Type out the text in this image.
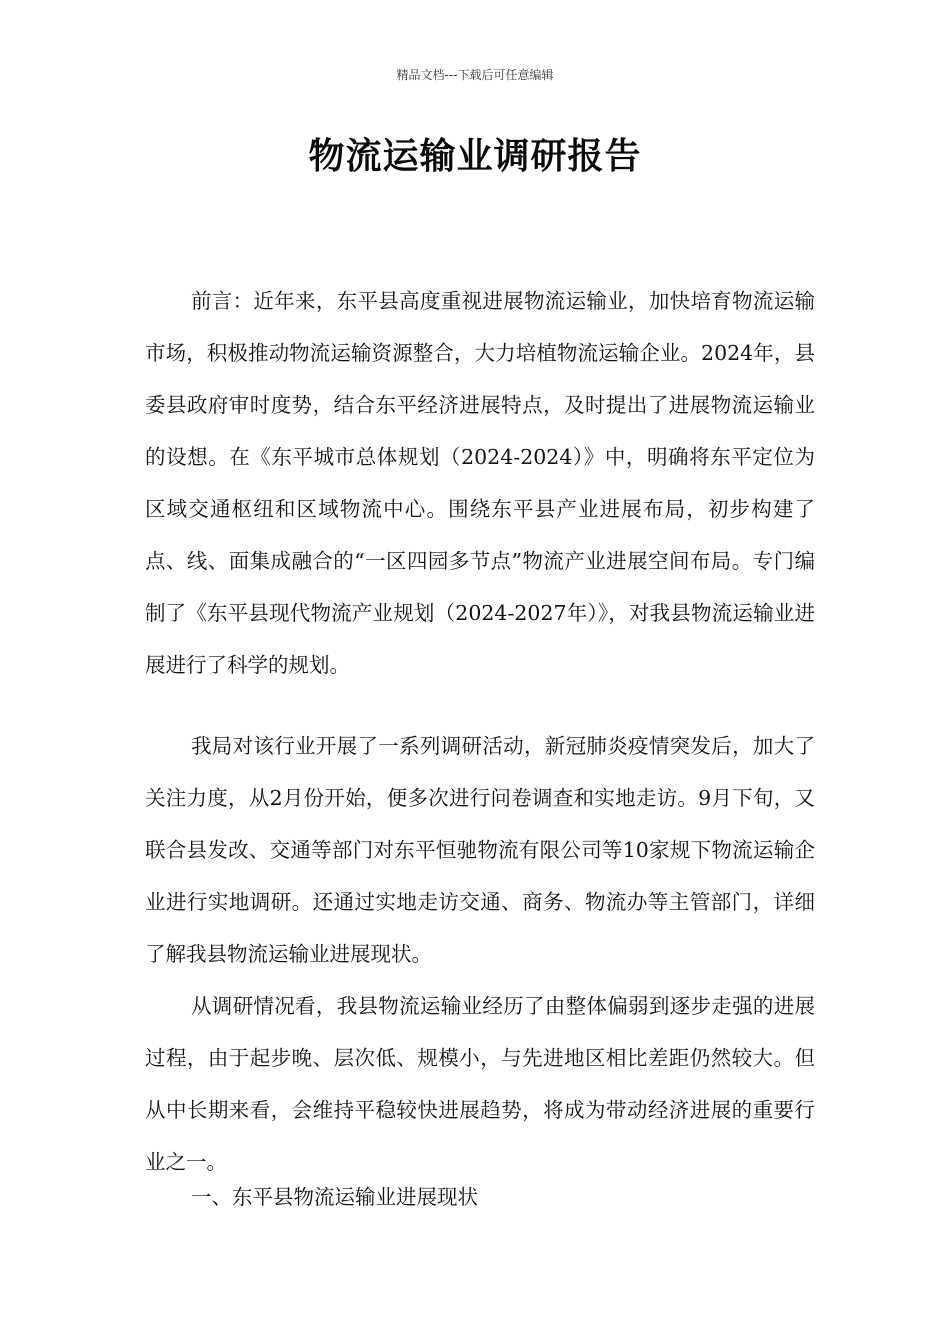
精品文档---下载后可任意编辑
物流运输业调研报告

前言：近年来，东平县高度重视进展物流运输业，加快培育物流运输市场，积极推动物流运输资源整合，大力培植物流运输企业。2024年，县委县政府审时度势，结合东平经济进展特点，及时提出了进展物流运输业的设想。在《东平城市总体规划（2024-2024）》中，明确将东平定位为区域交通枢纽和区域物流中心。围绕东平县产业进展布局，初步构建了点、线、面集成融合的“一区四园多节点”物流产业进展空间布局。专门编制了《东平县现代物流产业规划（2024-2027年）》，对我县物流运输业进展进行了科学的规划。

我局对该行业开展了一系列调研活动，新冠肺炎疫情突发后，加大了关注力度，从2月份开始，便多次进行问卷调查和实地走访。9月下旬，又联合县发改、交通等部门对东平恒驰物流有限公司等10家规下物流运输企业进行实地调研。还通过实地走访交通、商务、物流办等主管部门，详细了解我县物流运输业进展现状。

从调研情况看，我县物流运输业经历了由整体偏弱到逐步走强的进展过程，由于起步晚、层次低、规模小，与先进地区相比差距仍然较大。但从中长期来看，会维持平稳较快进展趋势，将成为带动经济进展的重要行业之一。

一、东平县物流运输业进展现状
